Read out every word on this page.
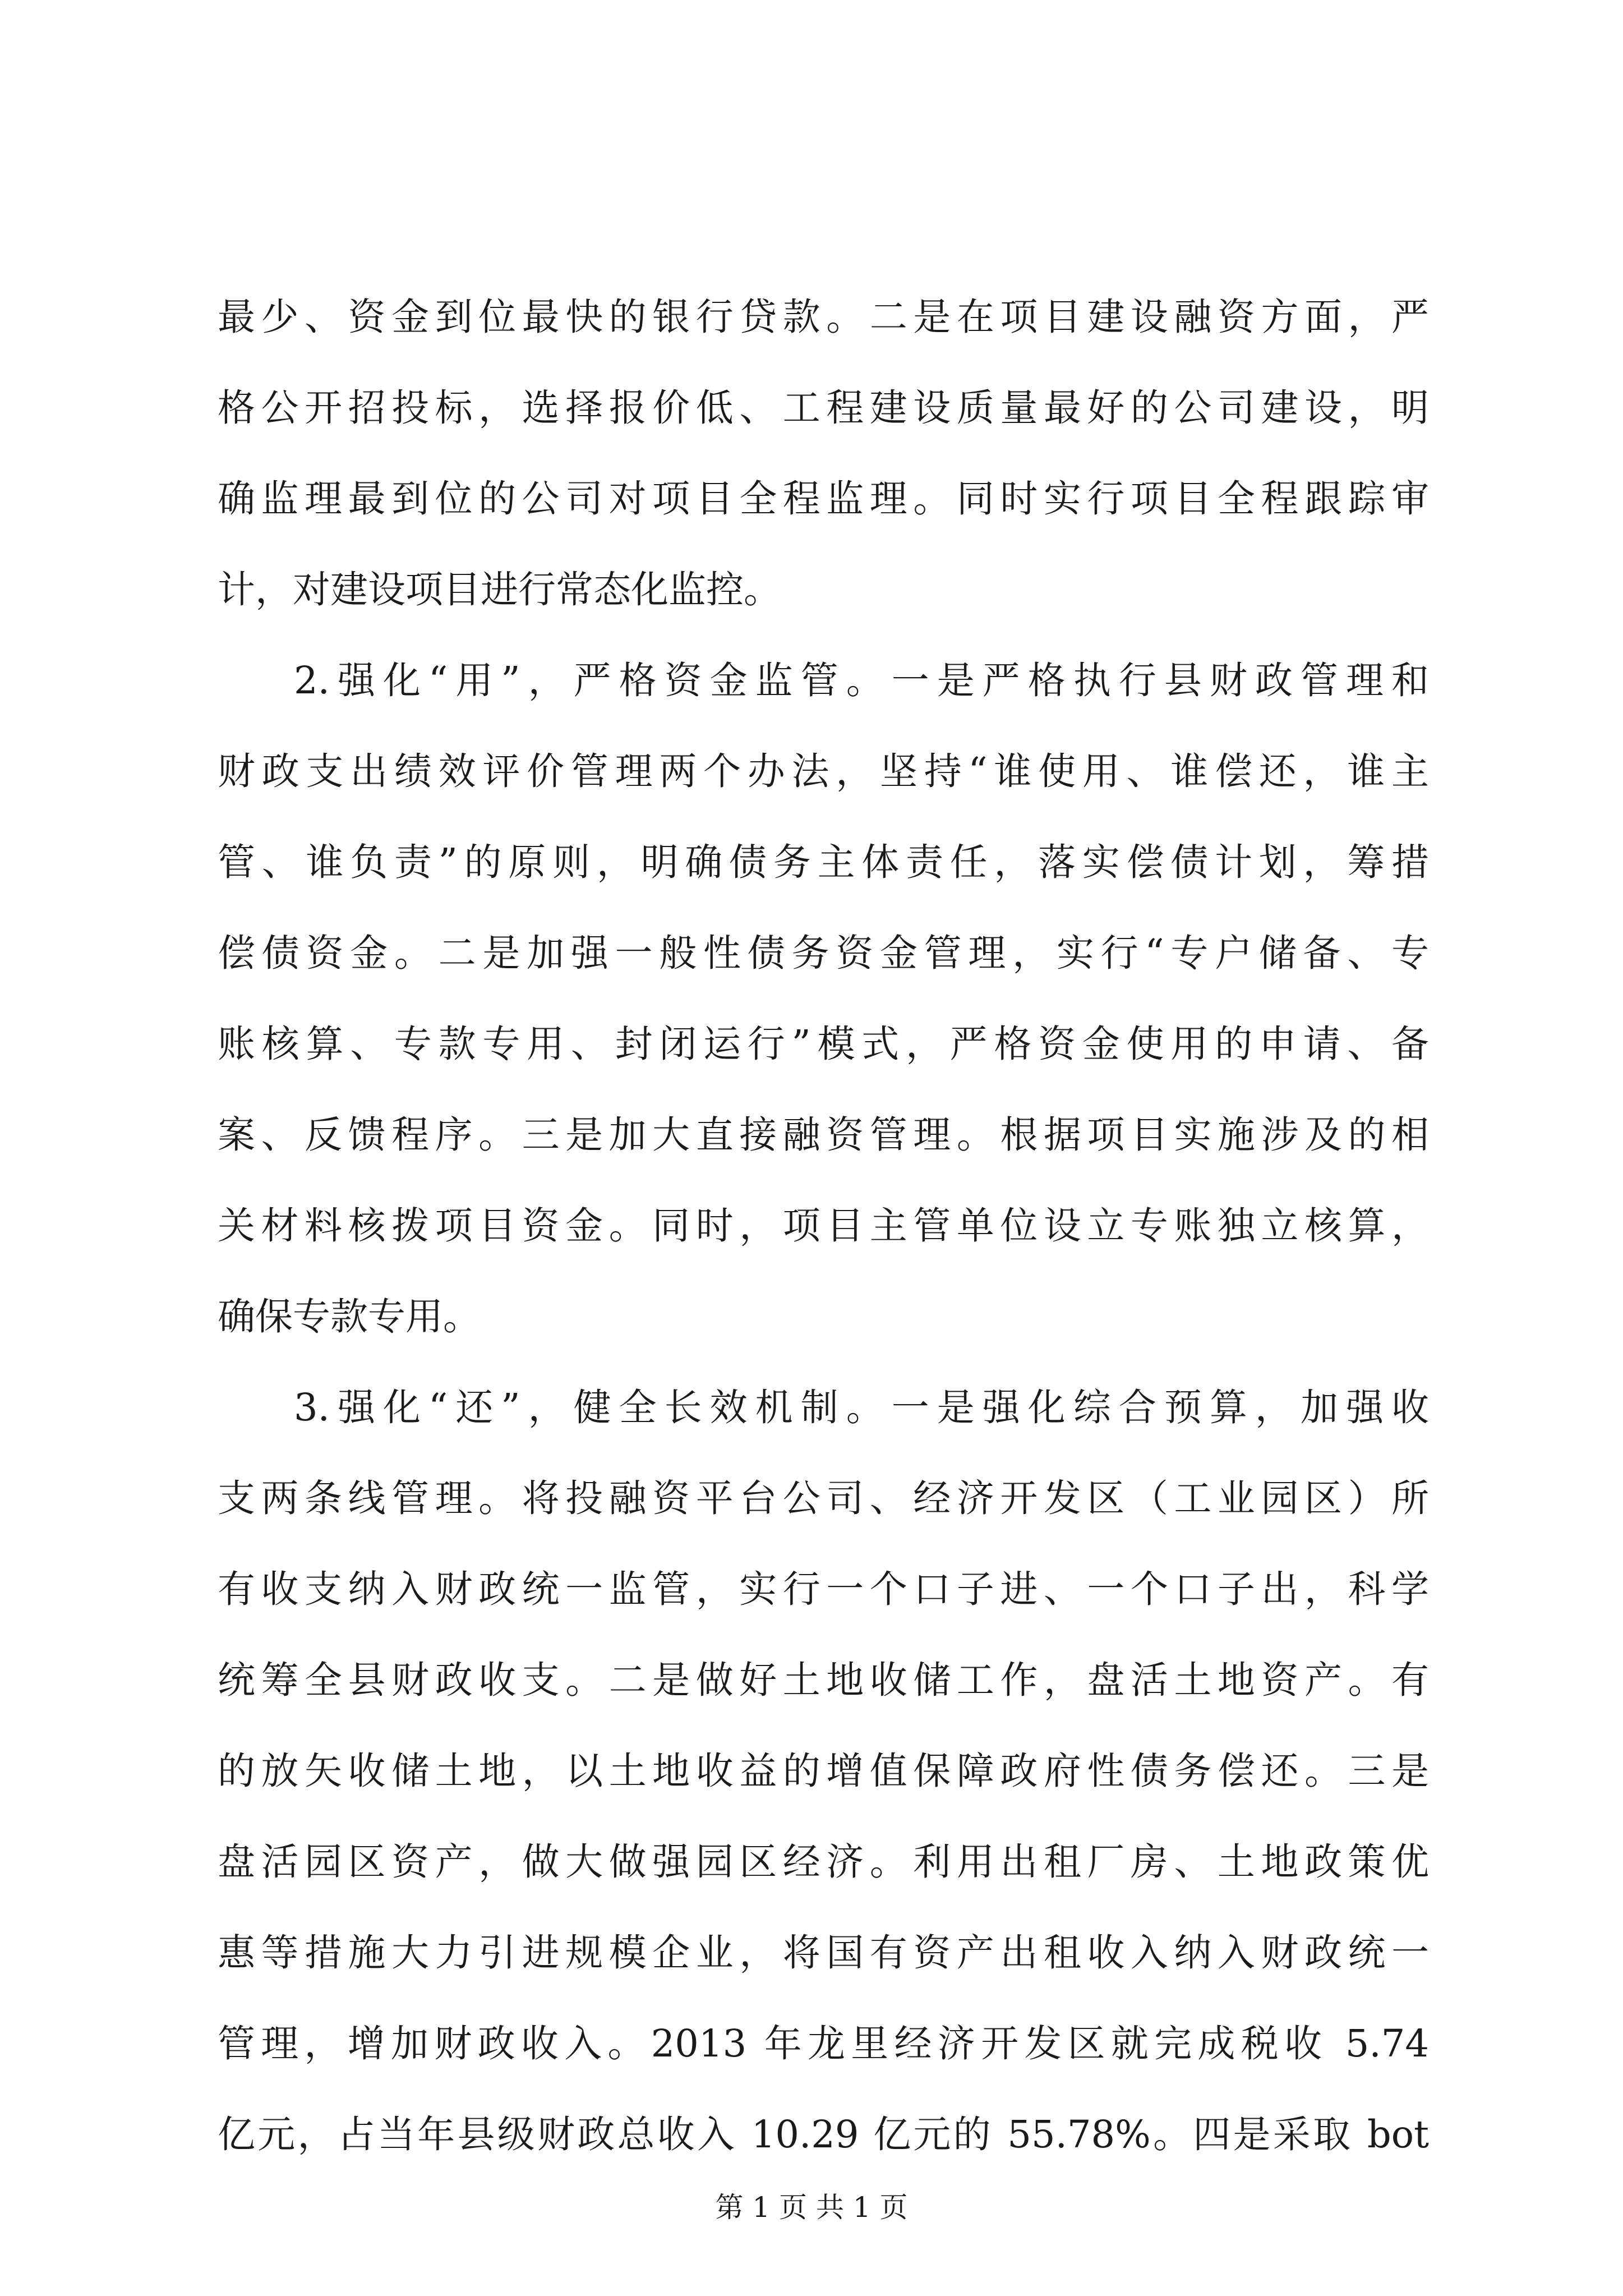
最少、资金到位最快的银行贷款。二是在项目建设融资方面，严
格公开招投标，选择报价低、工程建设质量最好的公司建设，明
确监理最到位的公司对项目全程监理。同时实行项目全程跟踪审
计，对建设项目进行常态化监控。
2.强化“用”，严格资金监管。一是严格执行县财政管理和
财政支出绩效评价管理两个办法，坚持“谁使用、谁偿还，谁主
管、谁负责”的原则，明确债务主体责任，落实偿债计划，筹措
偿债资金。二是加强一般性债务资金管理，实行“专户储备、专
账核算、专款专用、封闭运行”模式，严格资金使用的申请、备
案、反馈程序。三是加大直接融资管理。根据项目实施涉及的相
关材料核拨项目资金。同时，项目主管单位设立专账独立核算，
确保专款专用。
3.强化“还”，健全长效机制。一是强化综合预算，加强收
支两条线管理。将投融资平台公司、经济开发区（工业园区）所
有收支纳入财政统一监管，实行一个口子进、一个口子出，科学
统筹全县财政收支。二是做好土地收储工作，盘活土地资产。有
的放矢收储土地，以土地收益的增值保障政府性债务偿还。三是
盘活园区资产，做大做强园区经济。利用出租厂房、土地政策优
惠等措施大力引进规模企业，将国有资产出租收入纳入财政统一
管理，增加财政收入。2013 年龙里经济开发区就完成税收 5.74
亿元，占当年县级财政总收入 10.29 亿元的 55.78%。四是采取 bot
第 1 页 共 1 页
